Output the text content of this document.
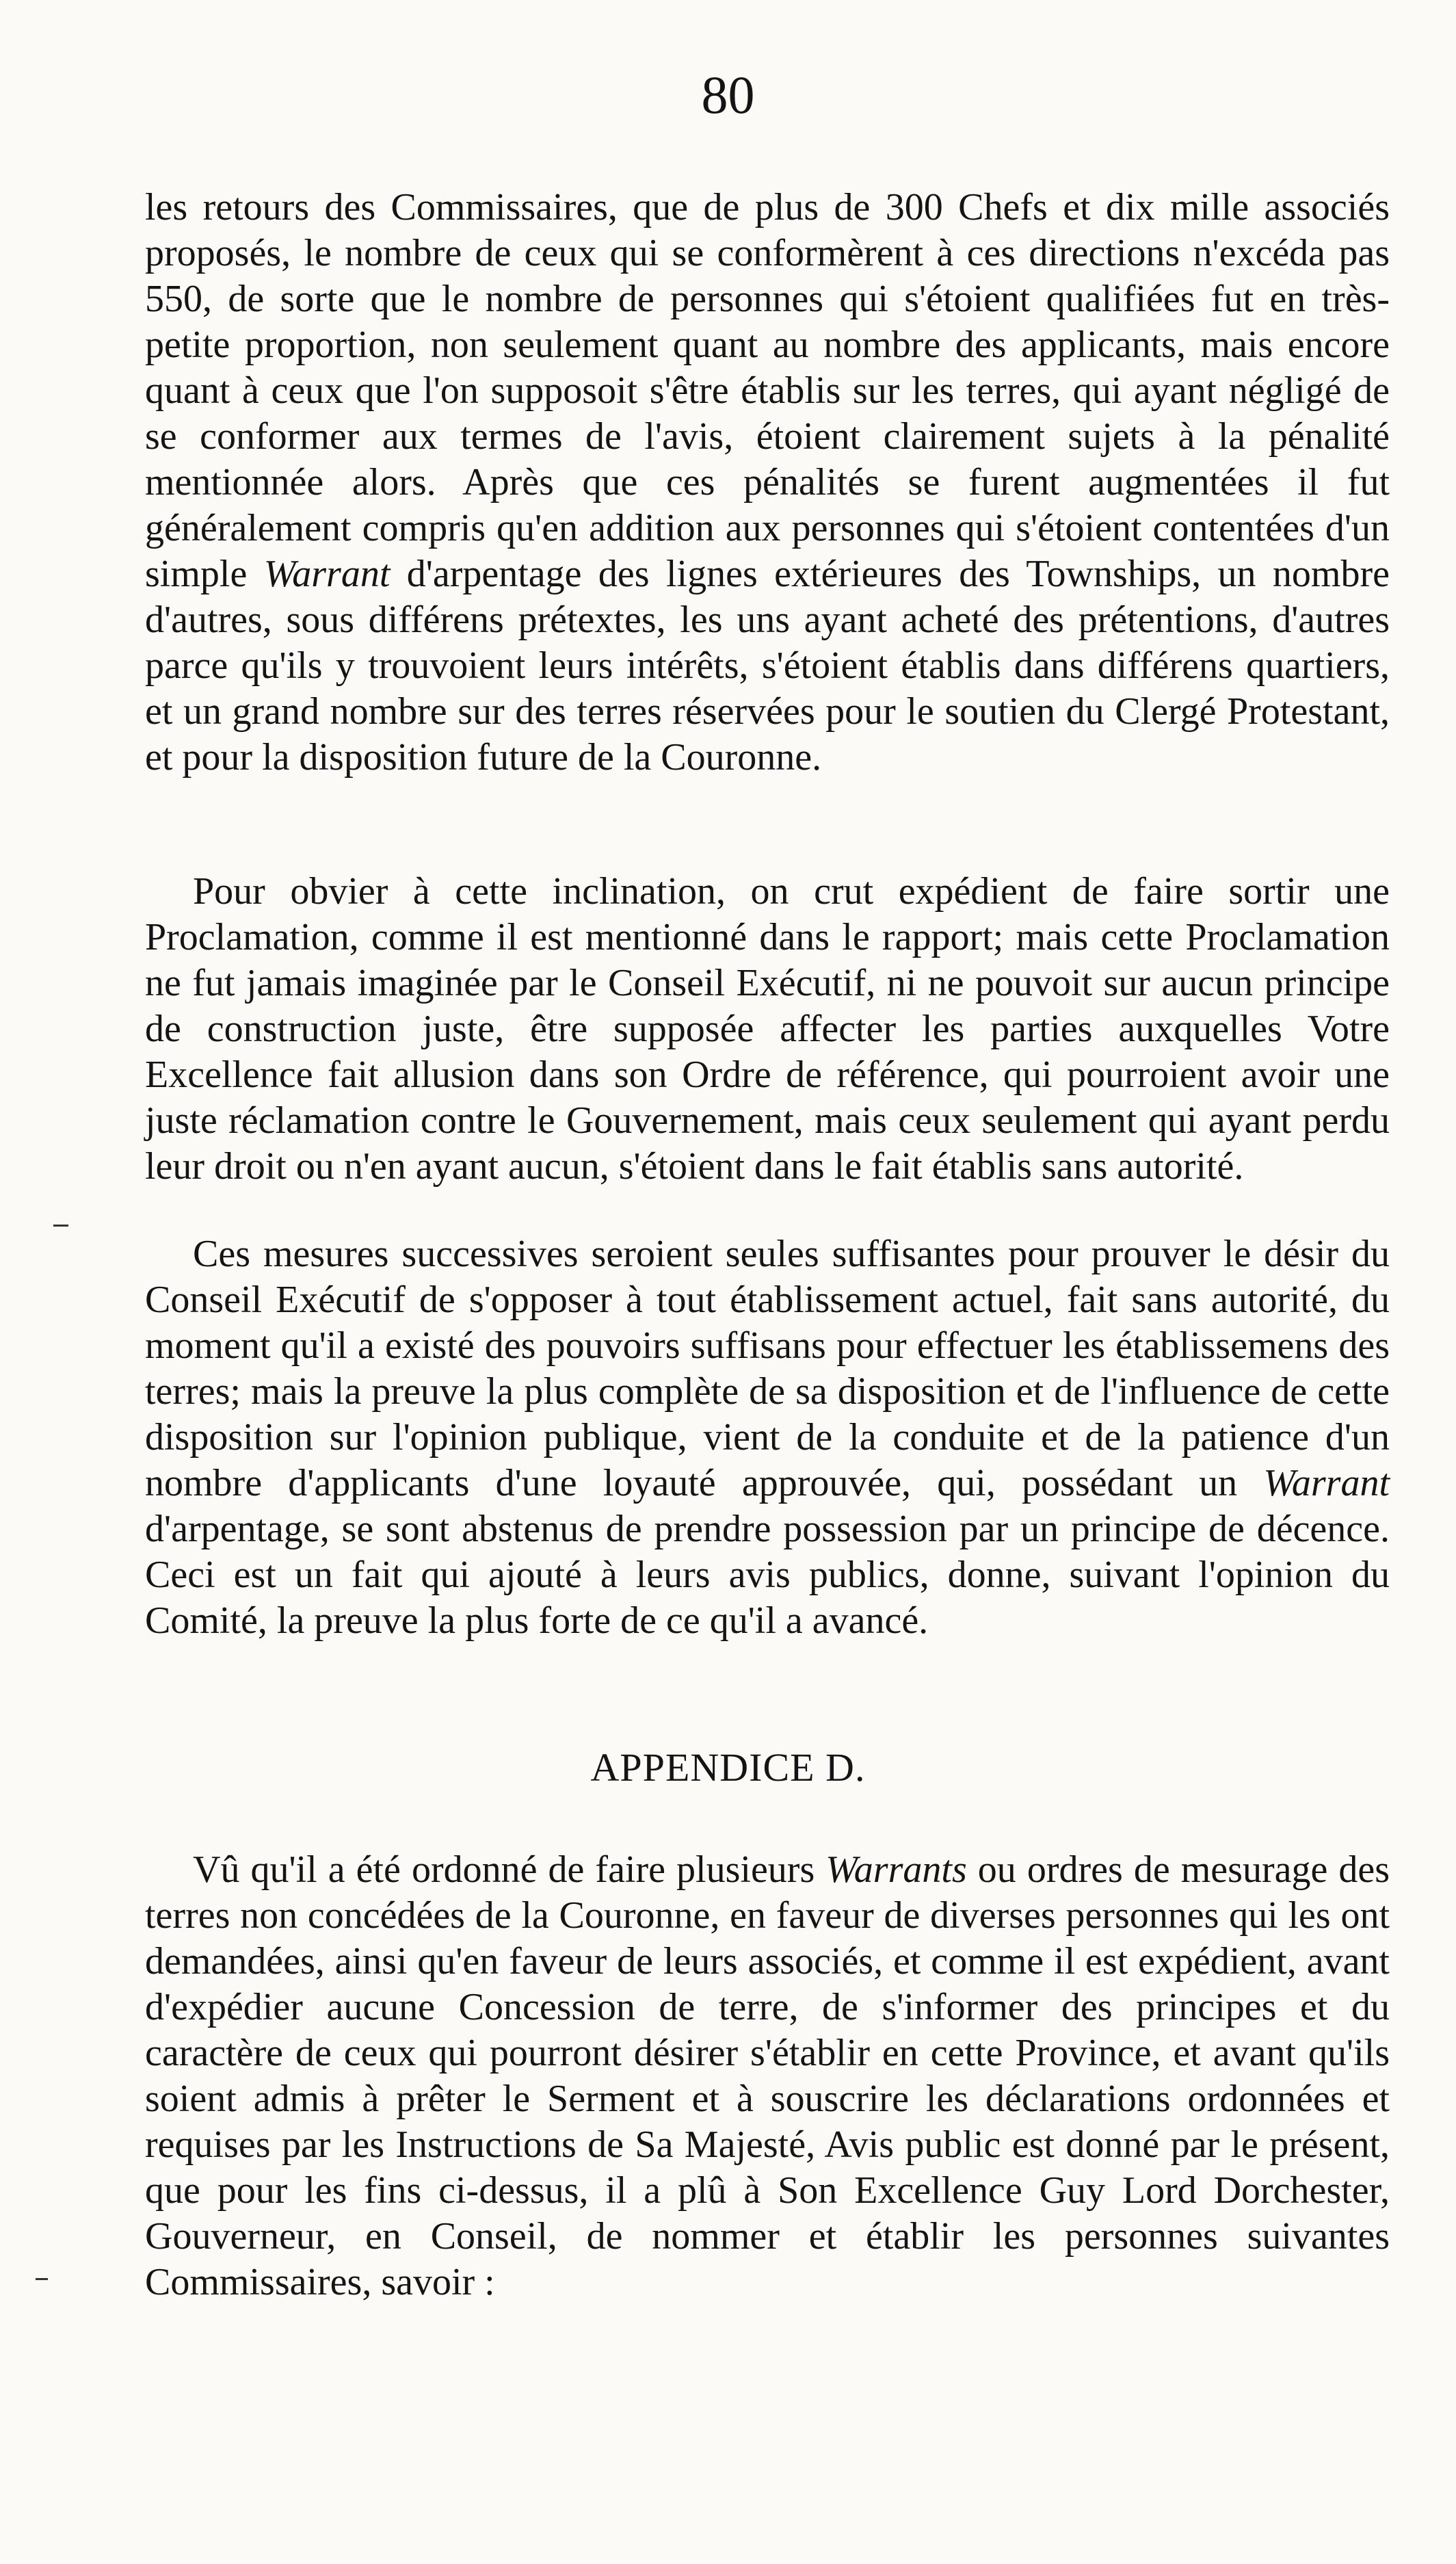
80

les retours des Commissaires, que de plus de 300 Chefs et dix mille associés proposés, le nombre de ceux qui se conformèrent à ces directions n'excéda pas 550, de sorte que le nombre de personnes qui s'étoient qualifiées fut en très-petite proportion, non seulement quant au nombre des applicants, mais encore quant à ceux que l'on supposoit s'être établis sur les terres, qui ayant négligé de se conformer aux termes de l'avis, étoient clairement sujets à la pénalité mentionnée alors. Après que ces pénalités se furent augmentées il fut généralement compris qu'en addition aux personnes qui s'étoient contentées d'un simple Warrant d'arpentage des lignes extérieures des Townships, un nombre d'autres, sous différens prétextes, les uns ayant acheté des prétentions, d'autres parce qu'ils y trouvoient leurs intérêts, s'étoient établis dans différens quartiers, et un grand nombre sur des terres réservées pour le soutien du Clergé Protestant, et pour la disposition future de la Couronne.

Pour obvier à cette inclination, on crut expédient de faire sortir une Proclamation, comme il est mentionné dans le rapport; mais cette Proclamation ne fut jamais imaginée par le Conseil Exécutif, ni ne pouvoit sur aucun principe de construction juste, être supposée affecter les parties auxquelles Votre Excellence fait allusion dans son Ordre de référence, qui pourroient avoir une juste réclamation contre le Gouvernement, mais ceux seulement qui ayant perdu leur droit ou n'en ayant aucun, s'étoient dans le fait établis sans autorité.

Ces mesures successives seroient seules suffisantes pour prouver le désir du Conseil Exécutif de s'opposer à tout établissement actuel, fait sans autorité, du moment qu'il a existé des pouvoirs suffisans pour effectuer les établissemens des terres; mais la preuve la plus complète de sa disposition et de l'influence de cette disposition sur l'opinion publique, vient de la conduite et de la patience d'un nombre d'applicants d'une loyauté approuvée, qui, possédant un Warrant d'arpentage, se sont abstenus de prendre possession par un principe de décence. Ceci est un fait qui ajouté à leurs avis publics, donne, suivant l'opinion du Comité, la preuve la plus forte de ce qu'il a avancé.

APPENDICE D.

Vû qu'il a été ordonné de faire plusieurs Warrants ou ordres de mesurage des terres non concédées de la Couronne, en faveur de diverses personnes qui les ont demandées, ainsi qu'en faveur de leurs associés, et comme il est expédient, avant d'expédier aucune Concession de terre, de s'informer des principes et du caractère de ceux qui pourront désirer s'établir en cette Province, et avant qu'ils soient admis à prêter le Serment et à souscrire les déclarations ordonnées et requises par les Instructions de Sa Majesté, Avis public est donné par le présent, que pour les fins ci-dessus, il a plû à Son Excellence Guy Lord Dorchester, Gouverneur, en Conseil, de nommer et établir les personnes suivantes Commissaires, savoir :
